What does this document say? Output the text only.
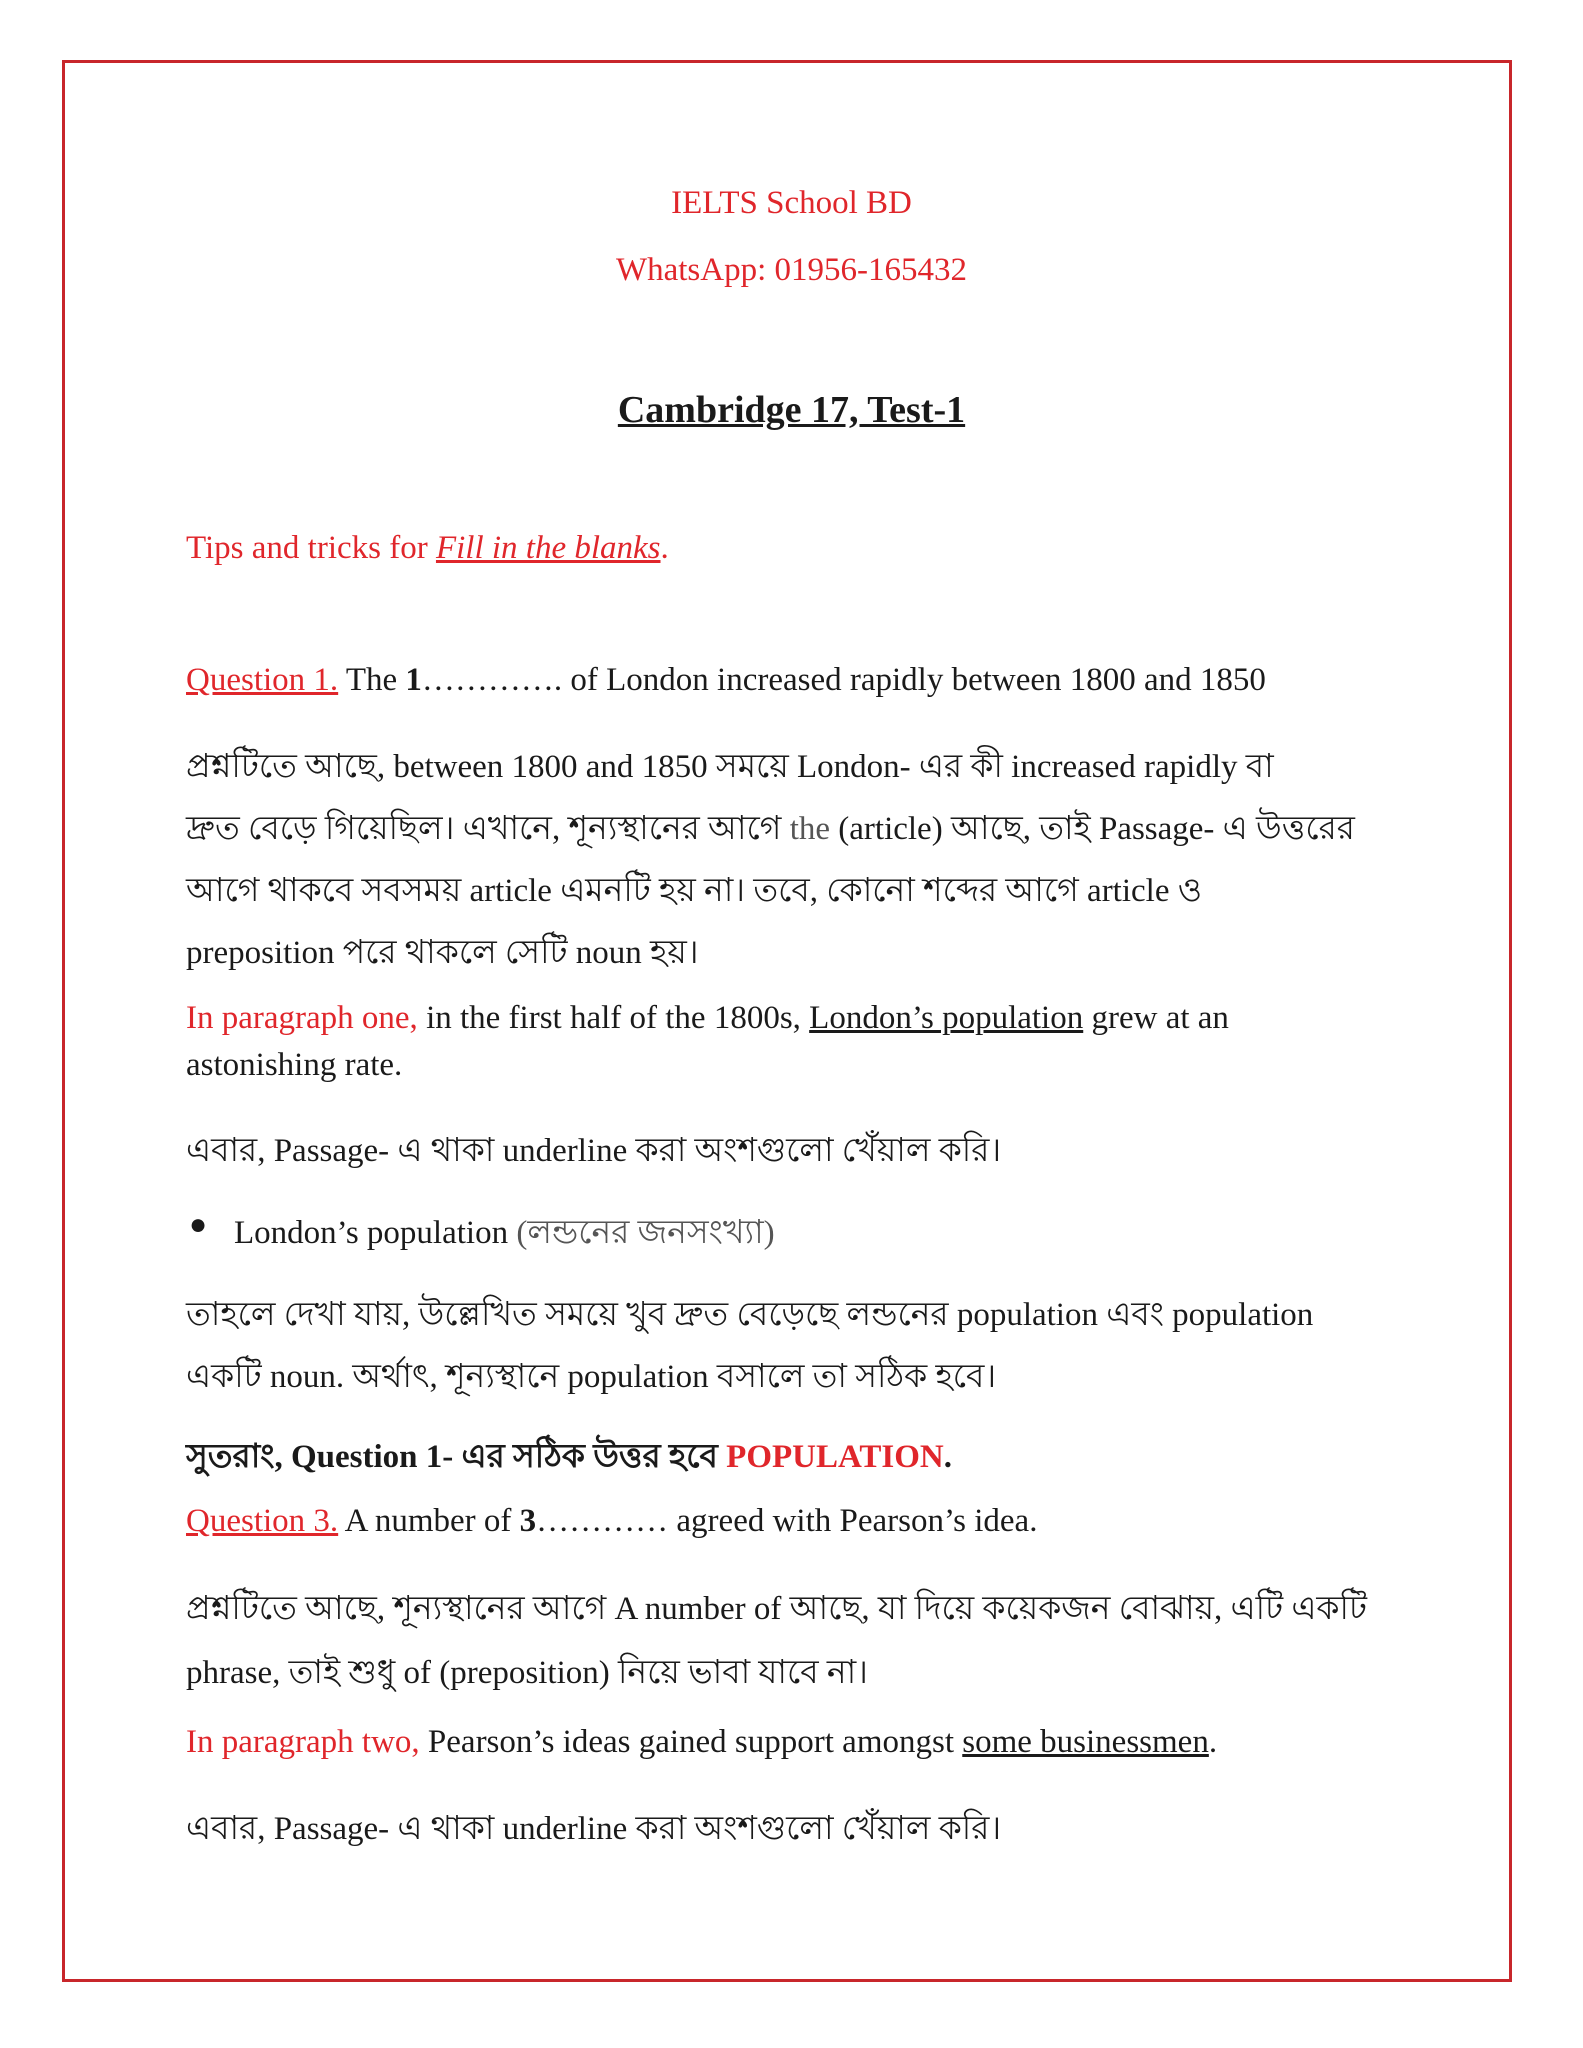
IELTS School BD
WhatsApp: 01956-165432
Cambridge 17, Test-1
Tips and tricks for Fill in the blanks.
Question 1. The 1…………. of London increased rapidly between 1800 and 1850
প্রশ্নটিতে আছে, between 1800 and 1850 সময়ে London- এর কী increased rapidly বা
দ্রুত বেড়ে গিয়েছিল। এখানে, শূন্যস্থানের আগে the (article) আছে, তাই Passage- এ উত্তরের
আগে থাকবে সবসময় article এমনটি হয় না। তবে, কোনো শব্দের আগে article ও
preposition পরে থাকলে সেটি noun হয়।
In paragraph one, in the first half of the 1800s, London’s population grew at an
astonishing rate.
এবার, Passage- এ থাকা underline করা অংশগুলো খেঁয়াল করি।
● London’s population (লন্ডনের জনসংখ্যা)
তাহলে দেখা যায়, উল্লেখিত সময়ে খুব দ্রুত বেড়েছে লন্ডনের population এবং population
একটি noun. অর্থাৎ, শূন্যস্থানে population বসালে তা সঠিক হবে।
সুতরাং, Question 1- এর সঠিক উত্তর হবে POPULATION.
Question 3. A number of 3………… agreed with Pearson’s idea.
প্রশ্নটিতে আছে, শূন্যস্থানের আগে A number of আছে, যা দিয়ে কয়েকজন বোঝায়, এটি একটি
phrase, তাই শুধু of (preposition) নিয়ে ভাবা যাবে না।
In paragraph two, Pearson’s ideas gained support amongst some businessmen.
এবার, Passage- এ থাকা underline করা অংশগুলো খেঁয়াল করি।
